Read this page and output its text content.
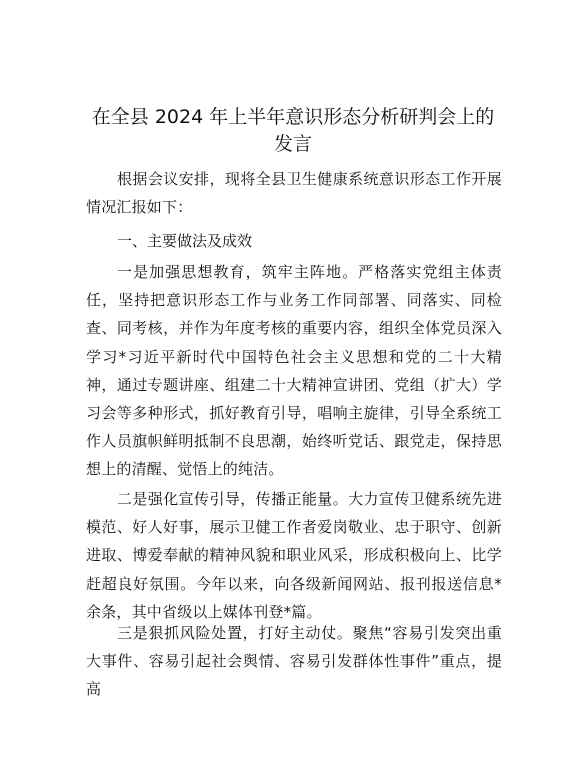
在全县 2024 年上半年意识形态分析研判会上的
发言

根据会议安排，现将全县卫生健康系统意识形态工作开展情况汇报如下：

一、主要做法及成效

一是加强思想教育，筑牢主阵地。严格落实党组主体责任，坚持把意识形态工作与业务工作同部署、同落实、同检查、同考核，并作为年度考核的重要内容，组织全体党员深入学习*习近平新时代中国特色社会主义思想和党的二十大精神，通过专题讲座、组建二十大精神宣讲团、党组（扩大）学习会等多种形式，抓好教育引导，唱响主旋律，引导全系统工作人员旗帜鲜明抵制不良思潮，始终听党话、跟党走，保持思想上的清醒、觉悟上的纯洁。

二是强化宣传引导，传播正能量。大力宣传卫健系统先进模范、好人好事，展示卫健工作者爱岗敬业、忠于职守、创新进取、博爱奉献的精神风貌和职业风采，形成积极向上、比学赶超良好氛围。今年以来，向各级新闻网站、报刊报送信息*余条，其中省级以上媒体刊登*篇。

三是狠抓风险处置，打好主动仗。聚焦“容易引发突出重大事件、容易引起社会舆情、容易引发群体性事件”重点，提高
